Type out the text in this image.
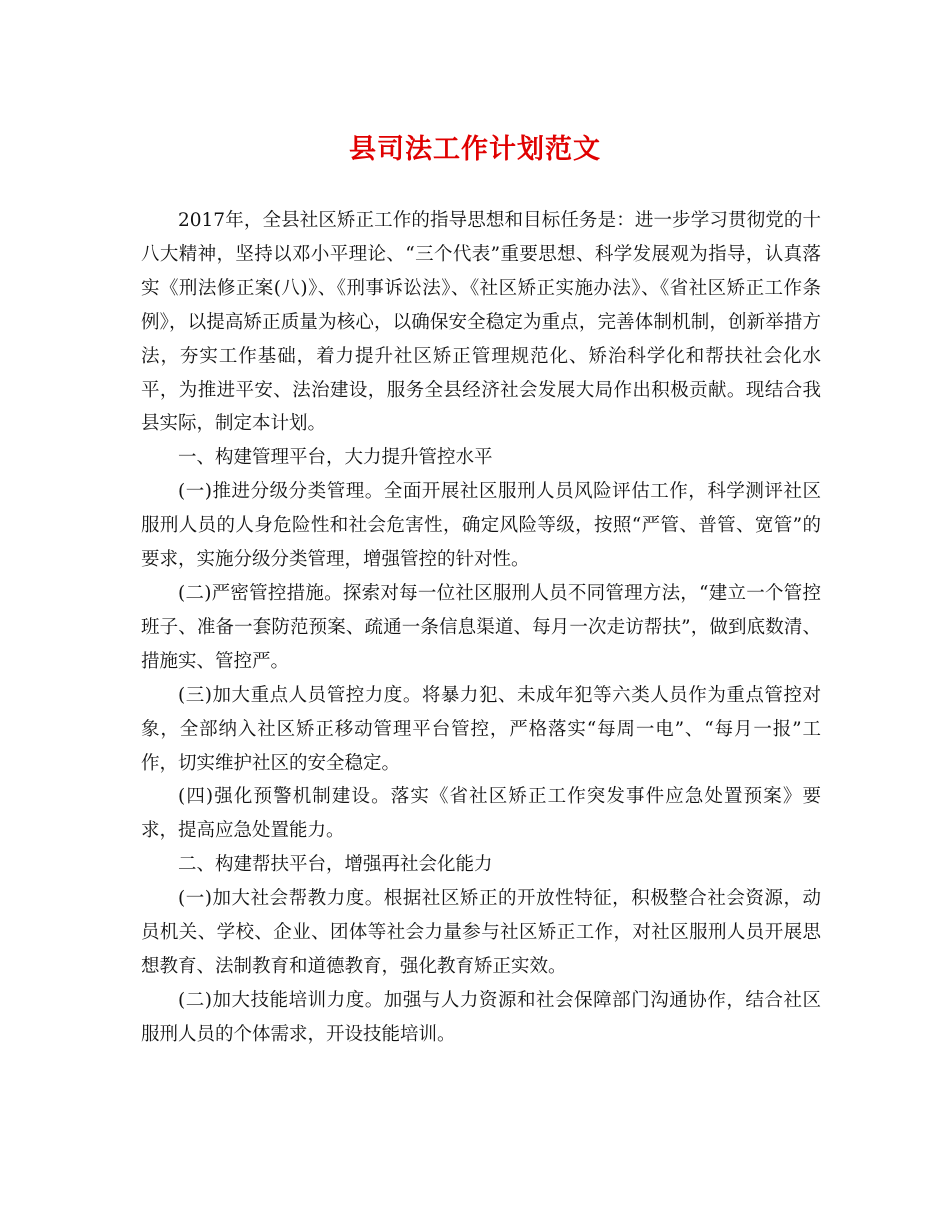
县司法工作计划范文

2017年，全县社区矫正工作的指导思想和目标任务是：进一步学习贯彻党的十八大精神，坚持以邓小平理论、“三个代表”重要思想、科学发展观为指导，认真落实《刑法修正案(八)》、《刑事诉讼法》、《社区矫正实施办法》、《省社区矫正工作条例》，以提高矫正质量为核心，以确保安全稳定为重点，完善体制机制，创新举措方法，夯实工作基础，着力提升社区矫正管理规范化、矫治科学化和帮扶社会化水平，为推进平安、法治建设，服务全县经济社会发展大局作出积极贡献。现结合我县实际，制定本计划。

一、构建管理平台，大力提升管控水平

(一)推进分级分类管理。全面开展社区服刑人员风险评估工作，科学测评社区服刑人员的人身危险性和社会危害性，确定风险等级，按照“严管、普管、宽管”的要求，实施分级分类管理，增强管控的针对性。

(二)严密管控措施。探索对每一位社区服刑人员不同管理方法，“建立一个管控班子、准备一套防范预案、疏通一条信息渠道、每月一次走访帮扶”，做到底数清、措施实、管控严。

(三)加大重点人员管控力度。将暴力犯、未成年犯等六类人员作为重点管控对象，全部纳入社区矫正移动管理平台管控，严格落实“每周一电”、“每月一报”工作，切实维护社区的安全稳定。

(四)强化预警机制建设。落实《省社区矫正工作突发事件应急处置预案》要求，提高应急处置能力。

二、构建帮扶平台，增强再社会化能力

(一)加大社会帮教力度。根据社区矫正的开放性特征，积极整合社会资源，动员机关、学校、企业、团体等社会力量参与社区矫正工作，对社区服刑人员开展思想教育、法制教育和道德教育，强化教育矫正实效。

(二)加大技能培训力度。加强与人力资源和社会保障部门沟通协作，结合社区服刑人员的个体需求，开设技能培训。
